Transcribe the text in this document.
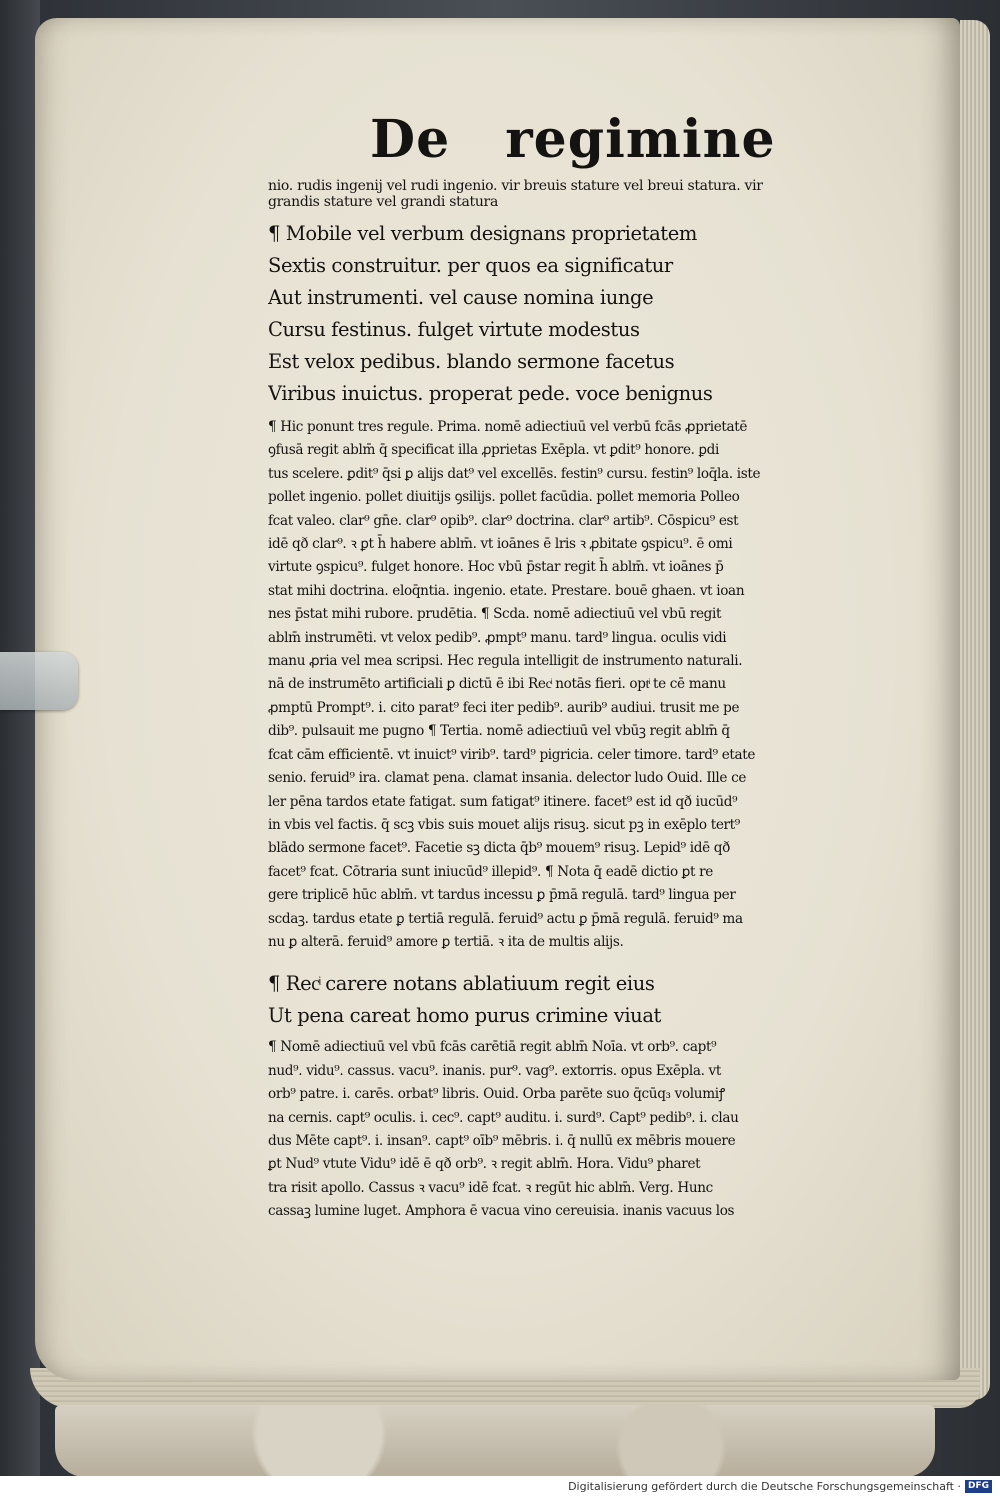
De regimine

nio. rudis ingenij vel rudi ingenio. vir breuis stature vel breui statura. vir

grandis stature vel grandi statura

¶ Mobile vel verbum designans proprietatem

Sextis construitur. per quos ea significatur

Aut instrumenti. vel cause nomina iunge

Cursu festinus. fulget virtute modestus

Est velox pedibus. blando sermone facetus

Viribus inuictus. properat pede. voce benignus

¶ Hic ponunt tres regule. Prima. nomē adiectiuū vel verbū fcās ꝓprietatē

ꝯfusā regit ablm̄ q̄ specificat illa ꝓprietas Exēpla. vt ꝑdit⁹ honore. ꝑdi

tus scelere. ꝑdit⁹ q̄si ꝑ alijs dat⁹ vel excellēs. festin⁹ cursu. festin⁹ loq̄la. iste

pollet ingenio. pollet diuitijs ꝯsilijs. pollet facūdia. pollet memoria Polleo

fcat valeo. clar⁹ gn̄e. clar⁹ opib⁹. clar⁹ doctrina. clar⁹ artib⁹. Cōspicu⁹ est

idē qð clar⁹. ꝛ ꝑt h̄ habere ablm̄. vt ioānes ē lris ꝛ ꝓbitate ꝯspicu⁹. ē omi

virtute ꝯspicu⁹. fulget honore. Hoc vbū p̄star regit h̄ ablm̄. vt ioānes p̄

stat mihi doctrina. eloq̄ntia. ingenio. etate. Prestare. bouē ghaen. vt ioan

nes p̄stat mihi rubore. prudētia. ¶ Scda. nomē adiectiuū vel vbū regit

ablm̄ instrumēti. vt velox pedib⁹. ꝓmpt⁹ manu. tard⁹ lingua. oculis vidi

manu ꝓria vel mea scripsi. Hec regula intelligit de instrumento naturali.

nā de instrumēto artificiali ꝑ dictū ē ibi Recͥ notās fieri. optͥ te cē manu

ꝓmptū Prompt⁹. i. cito parat⁹ feci iter pedib⁹. aurib⁹ audiui. trusit me pe

dib⁹. pulsauit me pugno ¶ Tertia. nomē adiectiuū vel vbūꝫ regit ablm̄ q̄

fcat cām efficientē. vt inuict⁹ virib⁹. tard⁹ pigricia. celer timore. tard⁹ etate

senio. feruid⁹ ira. clamat pena. clamat insania. delector ludo Ouid. Ille ce

ler pēna tardos etate fatigat. sum fatigat⁹ itinere. facet⁹ est id qð iucūd⁹

in vbis vel factis. q̄ scꝫ vbis suis mouet alijs risuꝫ. sicut pꝫ in exēplo tert⁹

blādo sermone facet⁹. Facetie sꝫ dicta q̄b⁹ mouem⁹ risuꝫ. Lepid⁹ idē qð

facet⁹ fcat. Cōtraria sunt iniucūd⁹ illepid⁹. ¶ Nota q̄ eadē dictio ꝑt re

gere triplicē hūc ablm̄. vt tardus incessu ꝑ p̄mā regulā. tard⁹ lingua per

scdaꝫ. tardus etate ꝑ tertiā regulā. feruid⁹ actu ꝑ p̄mā regulā. feruid⁹ ma

nu ꝑ alterā. feruid⁹ amore ꝑ tertiā. ꝛ ita de multis alijs.

¶ Recͥ carere notans ablatiuum regit eius

Ut pena careat homo purus crimine viuat

¶ Nomē adiectiuū vel vbū fcās carētiā regit ablm̄ Noīa. vt orb⁹. capt⁹

nud⁹. vidu⁹. cassus. vacu⁹. inanis. pur⁹. vag⁹. extorris. opus Exēpla. vt

orb⁹ patre. i. carēs. orbat⁹ libris. Ouid. Orba parēte suo q̄cūq₃ volumiꝭ

na cernis. capt⁹ oculis. i. cec⁹. capt⁹ auditu. i. surd⁹. Capt⁹ pedib⁹. i. clau

dus Mēte capt⁹. i. insan⁹. capt⁹ oīb⁹ mēbris. i. q̄ nullū ex mēbris mouere

ꝑt Nud⁹ vtute Vidu⁹ idē ē qð orb⁹. ꝛ regit ablm̄. Hora. Vidu⁹ pharet

tra risit apollo. Cassus ꝛ vacu⁹ idē fcat. ꝛ regūt hic ablm̄. Verg. Hunc

cassaꝫ lumine luget. Amphora ē vacua vino cereuisia. inanis vacuus los

Digitalisierung gefördert durch die Deutsche Forschungsgemeinschaft · DFG
